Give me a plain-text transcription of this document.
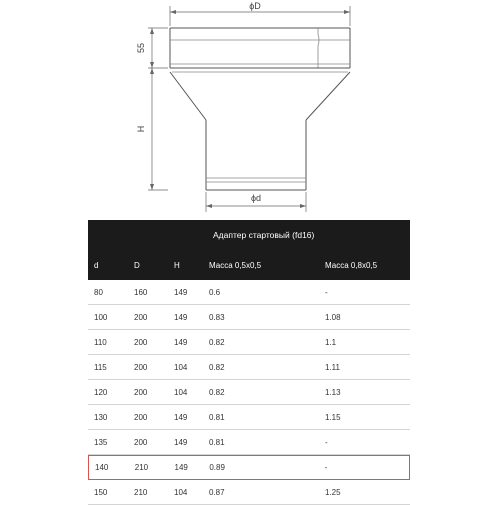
ϕD
ϕd
55
H
Адаптер стартовый (fd16)
d	D	H	Масса 0,5х0,5	Масса 0,8х0,5
80	160	149	0.6	-
100	200	149	0.83	1.08
110	200	149	0.82	1.1
115	200	104	0.82	1.11
120	200	104	0.82	1.13
130	200	149	0.81	1.15
135	200	149	0.81	-
140	210	149	0.89	-
150	210	104	0.87	1.25
